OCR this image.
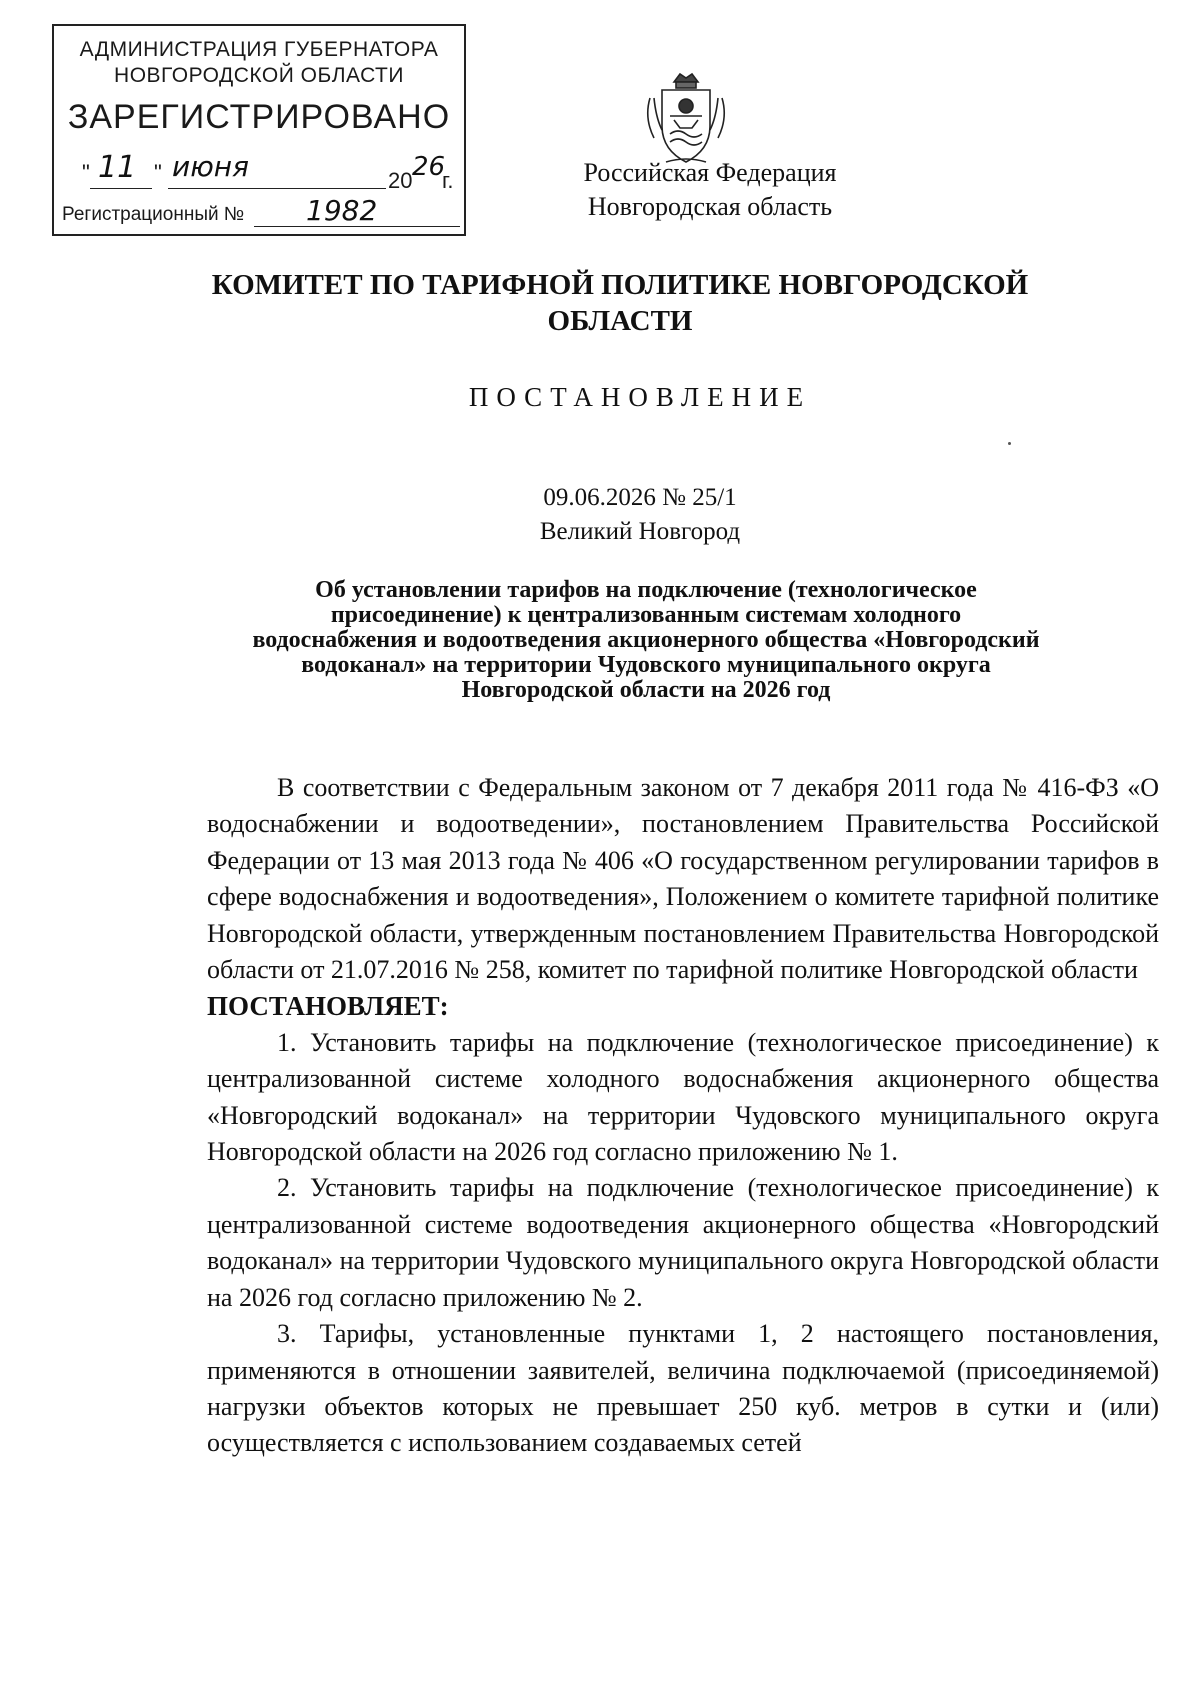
АДМИНИСТРАЦИЯ ГУБЕРНАТОРА
НОВГОРОДСКОЙ ОБЛАСТИ
ЗАРЕГИСТРИРОВАНО
" 11 " июня	20 26
г.
Регистрационный № 1982
Российская Федерация
Новгородская область
КОМИТЕТ ПО ТАРИФНОЙ ПОЛИТИКЕ НОВГОРОДСКОЙ
ОБЛАСТИ
ПОСТАНОВЛЕНИЕ
09.06.2026 № 25/1
Великий Новгород
Об установлении тарифов на подключение (технологическое
присоединение) к централизованным системам холодного
водоснабжения и водоотведения акционерного общества «Новгородский
водоканал» на территории Чудовского муниципального округа
Новгородской области на 2026 год

В соответствии с Федеральным законом от 7 декабря 2011 года № 416-ФЗ «О водоснабжении и водоотведении», постановлением Правительства Российской Федерации от 13 мая 2013 года № 406 «О государственном регулировании тарифов в сфере водоснабжения и водоотведения», Положением о комитете тарифной политике Новгородской области, утвержденным постановлением Правительства Новгородской области от 21.07.2016 № 258, комитет по тарифной политике Новгородской области

ПОСТАНОВЛЯЕТ:

1. Установить тарифы на подключение (технологическое присоединение) к централизованной системе холодного водоснабжения акционерного общества «Новгородский водоканал» на территории Чудовского муниципального округа Новгородской области на 2026 год согласно приложению № 1.

2. Установить тарифы на подключение (технологическое присоединение) к централизованной системе водоотведения акционерного общества «Новгородский водоканал» на территории Чудовского муниципального округа Новгородской области на 2026 год согласно приложению № 2.

3. Тарифы, установленные пунктами 1, 2 настоящего постановления, применяются в отношении заявителей, величина подключаемой (присоединяемой) нагрузки объектов которых не превышает 250 куб. метров в сутки и (или) осуществляется с использованием создаваемых сетей
